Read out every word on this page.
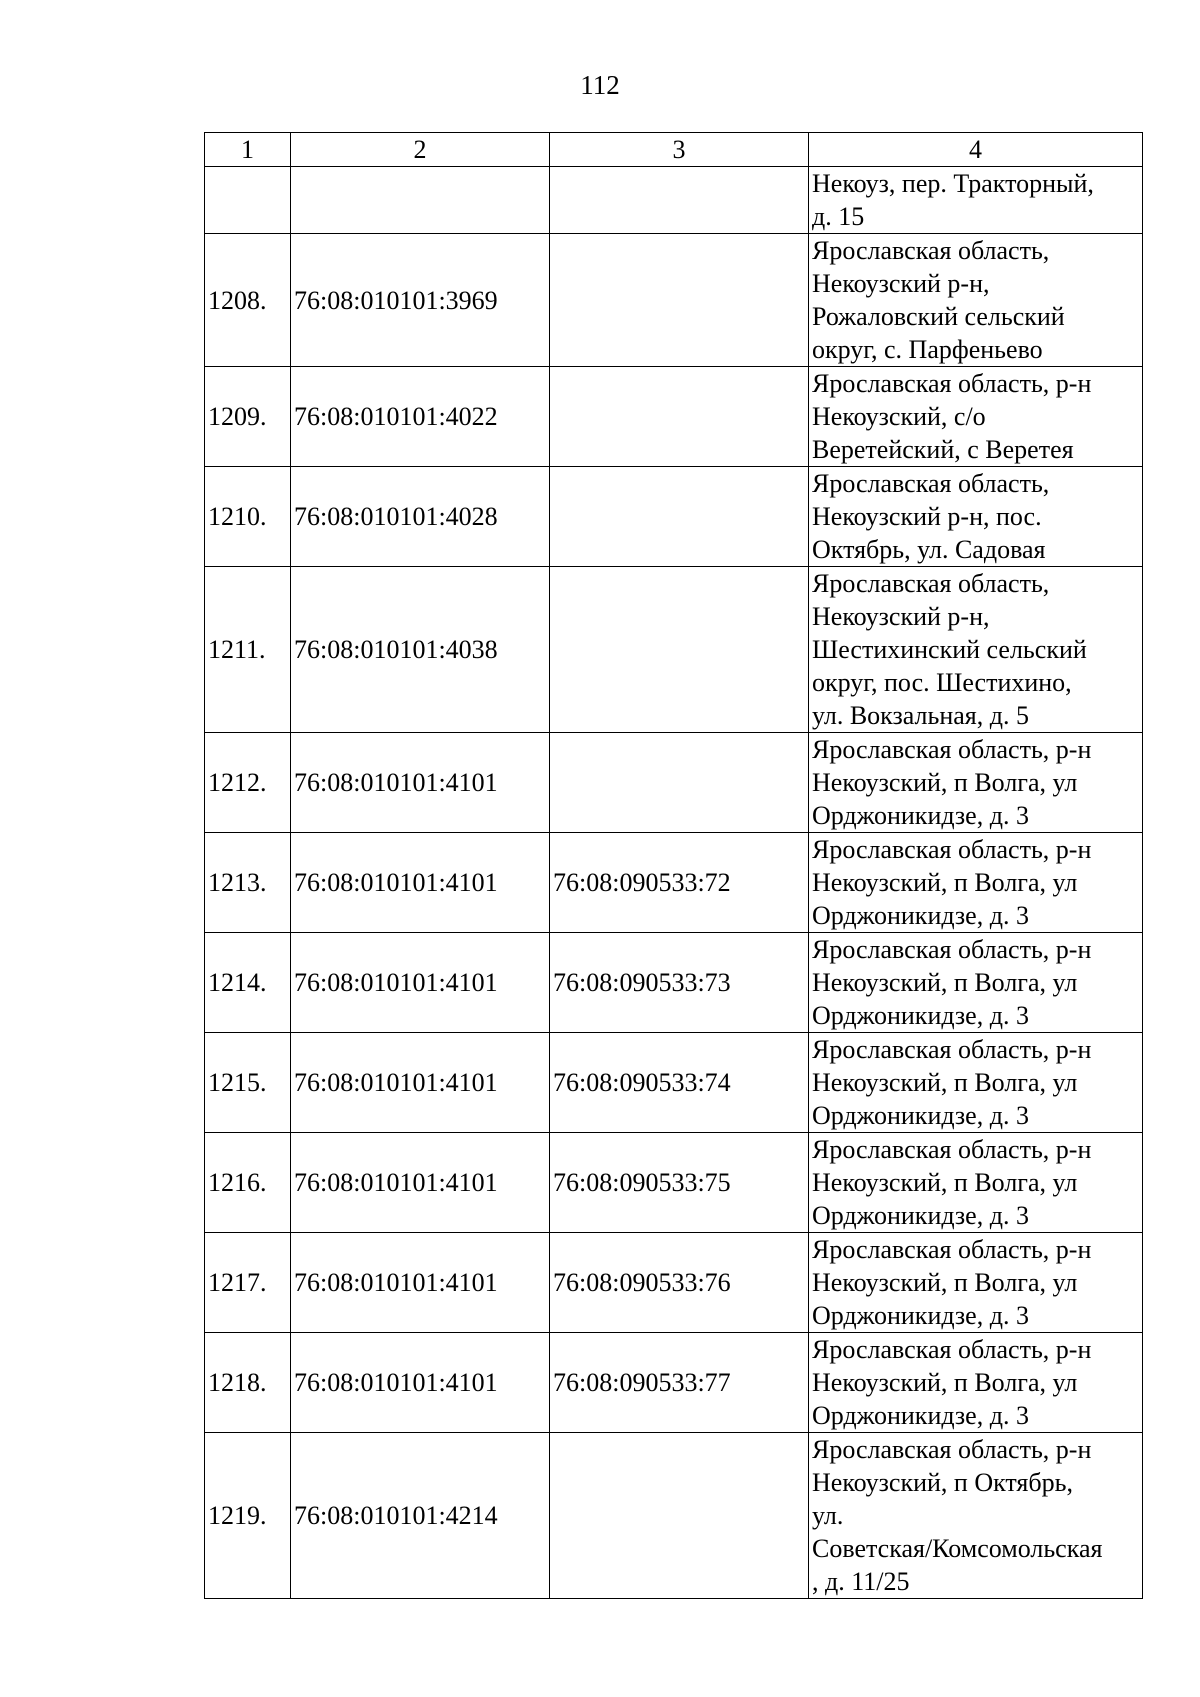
112
1	2	3	4

			Некоуз, пер. Тракторный,
д. 15

1208.	76:08:010101:3969		Ярославская область,
Некоузский р-н,
Рожаловский сельский
округ, с. Парфеньево

1209.	76:08:010101:4022		Ярославская область, р-н
Некоузский, с/о
Веретейский, с Веретея

1210.	76:08:010101:4028		Ярославская область,
Некоузский р-н, пос.
Октябрь, ул. Садовая

1211.	76:08:010101:4038		Ярославская область,
Некоузский р-н,
Шестихинский сельский
округ, пос. Шестихино,
ул. Вокзальная, д. 5

1212.	76:08:010101:4101		Ярославская область, р-н
Некоузский, п Волга, ул
Орджоникидзе, д. 3

1213.	76:08:010101:4101	76:08:090533:72	Ярославская область, р-н
Некоузский, п Волга, ул
Орджоникидзе, д. 3

1214.	76:08:010101:4101	76:08:090533:73	Ярославская область, р-н
Некоузский, п Волга, ул
Орджоникидзе, д. 3

1215.	76:08:010101:4101	76:08:090533:74	Ярославская область, р-н
Некоузский, п Волга, ул
Орджоникидзе, д. 3

1216.	76:08:010101:4101	76:08:090533:75	Ярославская область, р-н
Некоузский, п Волга, ул
Орджоникидзе, д. 3

1217.	76:08:010101:4101	76:08:090533:76	Ярославская область, р-н
Некоузский, п Волга, ул
Орджоникидзе, д. 3

1218.	76:08:010101:4101	76:08:090533:77	Ярославская область, р-н
Некоузский, п Волга, ул
Орджоникидзе, д. 3

1219.	76:08:010101:4214		Ярославская область, р-н
Некоузский, п Октябрь,
ул.
Советская/Комсомольская
, д. 11/25
